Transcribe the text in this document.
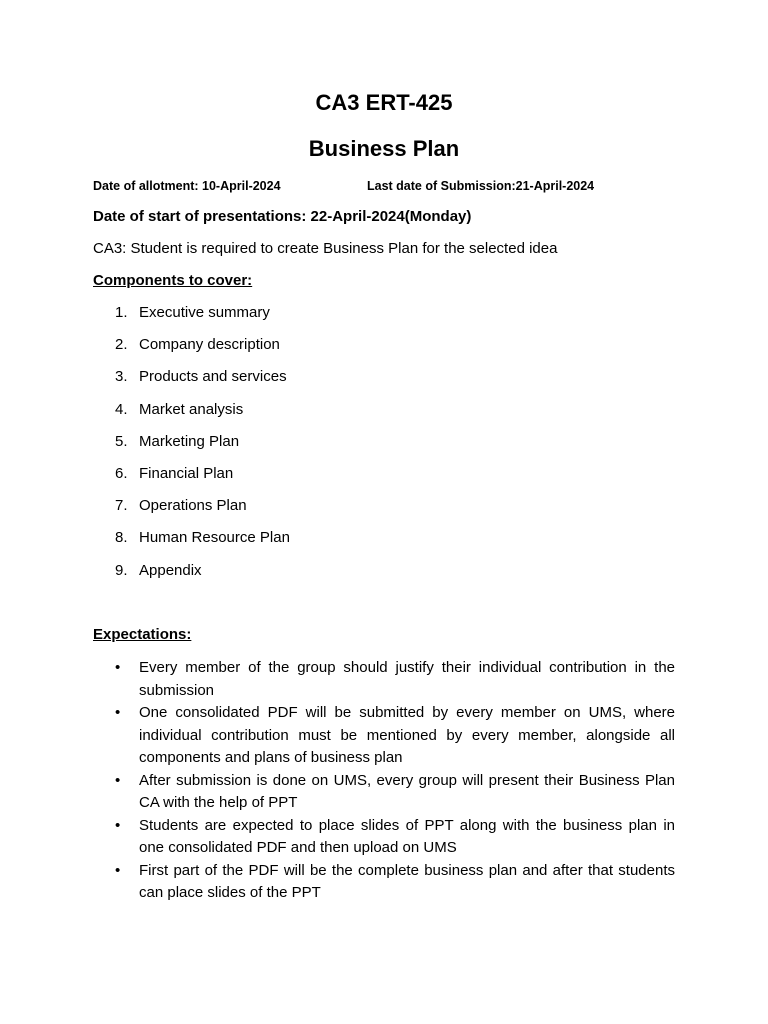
CA3 ERT-425
Business Plan
Date of allotment: 10-April-2024	Last date of Submission:21-April-2024
Date of start of presentations: 22-April-2024(Monday)
CA3: Student is required to create Business Plan for the selected idea
Components to cover:
1. Executive summary
2. Company description
3. Products and services
4. Market analysis
5. Marketing Plan
6. Financial Plan
7. Operations Plan
8. Human Resource Plan
9. Appendix
Expectations:
• Every member of the group should justify their individual contribution in the submission
• One consolidated PDF will be submitted by every member on UMS, where individual contribution must be mentioned by every member, alongside all components and plans of business plan
• After submission is done on UMS, every group will present their Business Plan CA with the help of PPT
• Students are expected to place slides of PPT along with the business plan in one consolidated PDF and then upload on UMS
• First part of the PDF will be the complete business plan and after that students can place slides of the PPT
